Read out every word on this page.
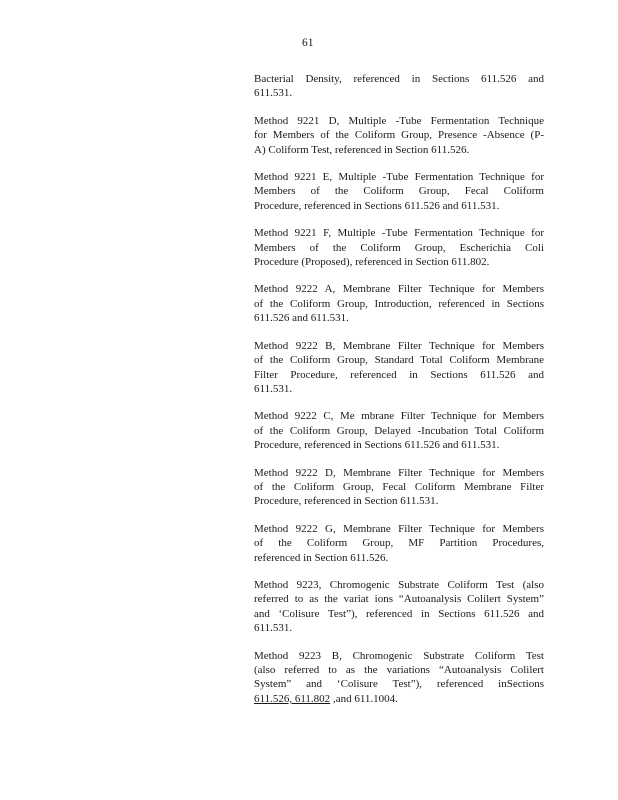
61

Bacterial Density, referenced in Sections 611.526 and
611.531.

Method 9221 D, Multiple -Tube Fermentation Technique
for Members of the Coliform Group, Presence -Absence (P-
A) Coliform Test, referenced in Section 611.526.

Method 9221 E, Multiple -Tube Fermentation Technique for
Members of the Coliform Group, Fecal Coliform
Procedure, referenced in Sections 611.526 and 611.531.

Method 9221 F, Multiple -Tube Fermentation Technique for
Members of the Coliform Group, Escherichia Coli
Procedure (Proposed), referenced in Section 611.802.

Method 9222 A, Membrane Filter Technique for Members
of the Coliform Group, Introduction, referenced in Sections
611.526 and 611.531.

Method 9222 B, Membrane Filter Technique for Members
of the Coliform Group, Standard Total Coliform Membrane
Filter Procedure, referenced in Sections 611.526 and
611.531.

Method 9222 C, Me mbrane Filter Technique for Members
of the Coliform Group, Delayed -Incubation Total Coliform
Procedure, referenced in Sections 611.526 and 611.531.

Method 9222 D, Membrane Filter Technique for Members
of the Coliform Group, Fecal Coliform Membrane Filter
Procedure, referenced in Section 611.531.

Method 9222 G, Membrane Filter Technique for Members
of the Coliform Group, MF Partition Procedures,
referenced in Section 611.526.

Method 9223, Chromogenic Substrate Coliform Test (also
referred to as the variat ions “Autoanalysis Colilert System”
and ‘Colisure Test”), referenced in Sections 611.526 and
611.531.

Method 9223 B, Chromogenic Substrate Coliform Test
(also referred to as the variations “Autoanalysis Colilert
System” and ‘Colisure Test”), referenced inSections
611.526, 611.802 ,and 611.1004.
